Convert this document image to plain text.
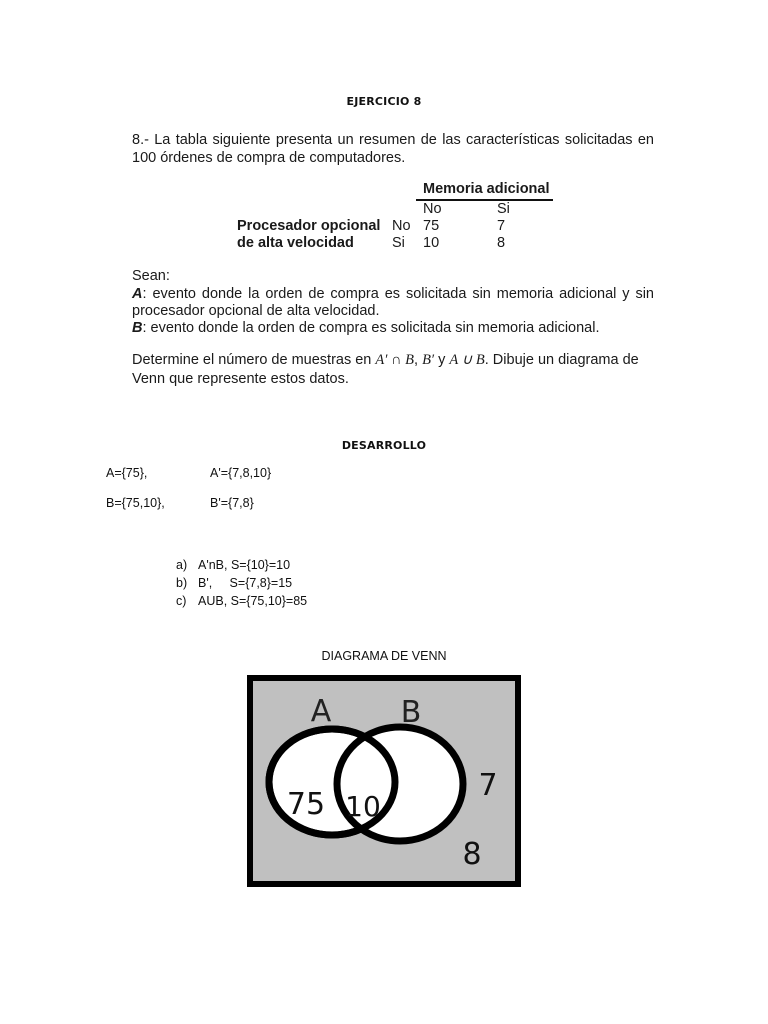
EJERCICIO 8

8.- La tabla siguiente presenta un resumen de las características solicitadas en

100 órdenes de compra de computadores.

Memoria adicional
No	Si
Procesador opcional
de alta velocidad
No 75	7
Si 10	8

Sean:

A: evento donde la orden de compra es solicitada sin memoria adicional y sin

procesador opcional de alta velocidad.

B: evento donde la orden de compra es solicitada sin memoria adicional.

Determine el número de muestras en A′ ∩ B, B′ y A ∪ B. Dibuje un diagrama de

Venn que represente estos datos.

DESARROLLO
A={75},	A'={7,8,10}
B={75,10},	B'={7,8}
a) A'nB, S={10}=10
b) B',     S={7,8}=15
c) AUB, S={75,10}=85
DIAGRAMA DE VENN
A B
75 10
7
8
